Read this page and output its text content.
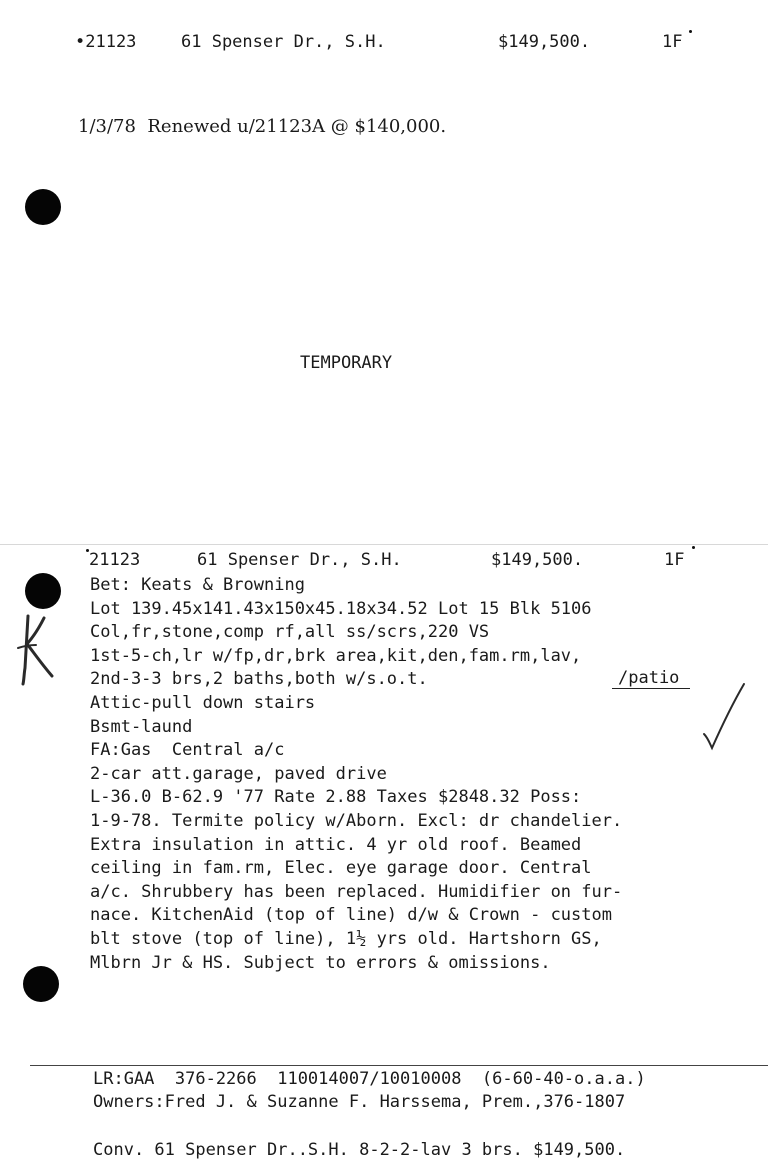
•21123	61 Spenser Dr., S.H.	$149,500.	1F
1/3/78  Renewed u/21123A @ $140,000.
TEMPORARY
21123	61 Spenser Dr., S.H.	$149,500.	1F
Bet: Keats & Browning
Lot 139.45x141.43x150x45.18x34.52 Lot 15 Blk 5106
Col,fr,stone,comp rf,all ss/scrs,220 VS
1st-5-ch,lr w/fp,dr,brk area,kit,den,fam.rm,lav,
2nd-3-3 brs,2 baths,both w/s.o.t.
Attic-pull down stairs
Bsmt-laund
FA:Gas  Central a/c
2-car att.garage, paved drive
L-36.0 B-62.9 '77 Rate 2.88 Taxes $2848.32 Poss:
1-9-78. Termite policy w/Aborn. Excl: dr chandelier.
Extra insulation in attic. 4 yr old roof. Beamed
ceiling in fam.rm, Elec. eye garage door. Central
a/c. Shrubbery has been replaced. Humidifier on fur-
nace. KitchenAid (top of line) d/w & Crown - custom
blt stove (top of line), 1½ yrs old. Hartshorn GS,
Mlbrn Jr & HS. Subject to errors & omissions.
/patio
LR:GAA  376-2266  110014007/10010008  (6-60-40-o.a.a.)
Owners:Fred J. & Suzanne F. Harssema, Prem.,376-1807
Conv. 61 Spenser Dr..S.H. 8-2-2-lav 3 brs. $149,500.
